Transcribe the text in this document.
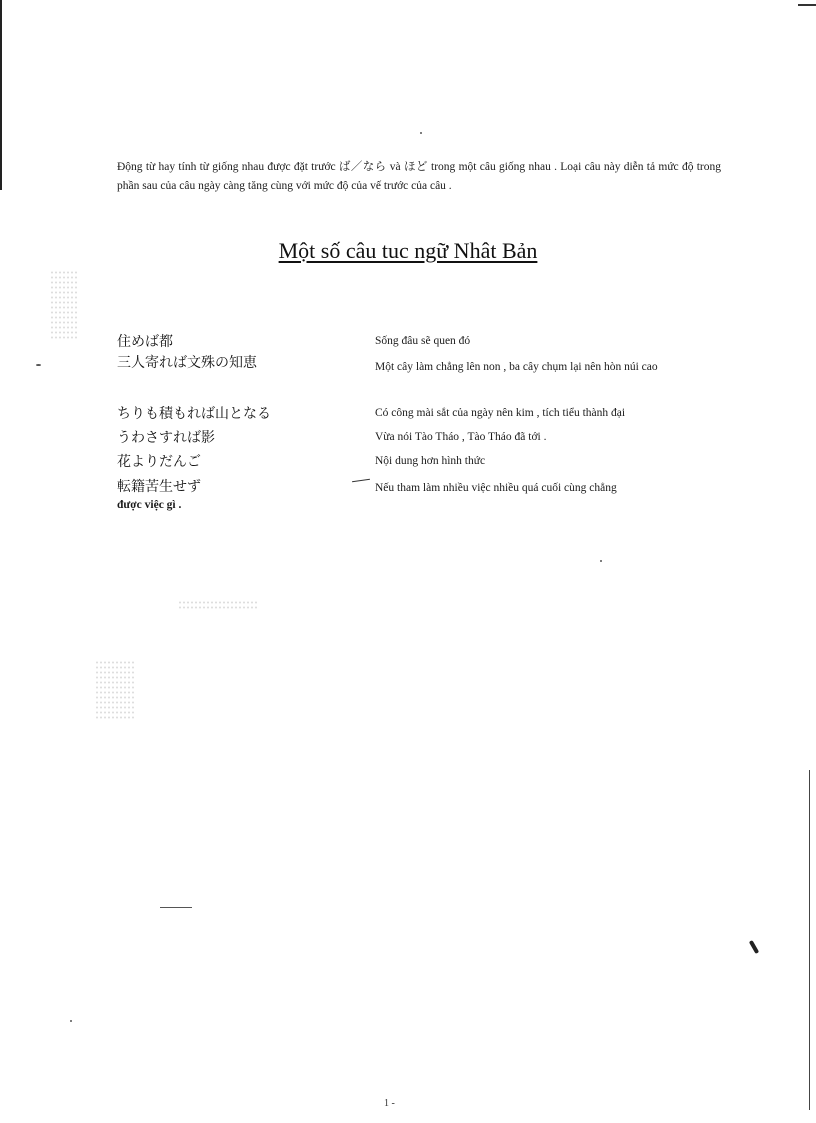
Động từ hay tính từ giống nhau được đặt trước ば／なら và ほど trong một câu giống nhau . Loại câu này diễn tả mức độ trong phần sau của câu ngày càng tăng cùng với mức độ của vế trước của câu .
Một số câu tuc ngữ Nhât Bản
住めば都
三人寄れば文殊の知恵
ちりも積もれば山となる
うわさすれば影
花よりだんご
転籍苦生せず
Sống đâu sẽ quen đó
Một cây làm chẳng lên non , ba cây chụm lại nên hòn núi cao
Có công mài sắt của ngày nên kim , tích tiểu thành đại
Vừa nói Tào Tháo , Tào Tháo đã tới .
Nội dung hơn hình thức
Nếu tham làm nhiều việc nhiều quá cuối cùng chẳng
được việc gì .
1 -
